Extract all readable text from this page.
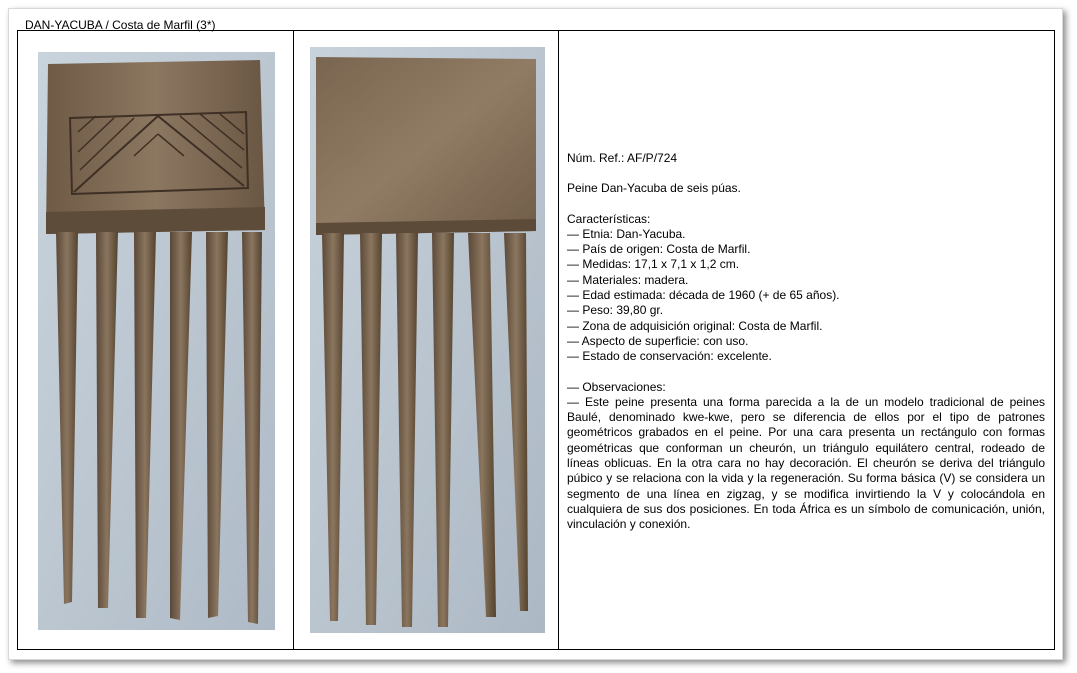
DAN-YACUBA / Costa de Marfil (3*)

Núm. Ref.: AF/P/724

Peine Dan-Yacuba de seis púas.

Características:

— Etnia: Dan-Yacuba.
— País de origen: Costa de Marfil.
— Medidas: 17,1 x 7,1 x 1,2 cm.
— Materiales: madera.
— Edad estimada: década de 1960 (+ de 65 años).
— Peso: 39,80 gr.
— Zona de adquisición original: Costa de Marfil.
— Aspecto de superficie: con uso.
— Estado de conservación: excelente.

— Observaciones:

— Este peine presenta una forma parecida a la de un modelo tradicional de peines Baulé, denominado kwe-kwe, pero se diferencia de ellos por el tipo de patrones geométricos grabados en el peine. Por una cara presenta un rectángulo con formas geométricas que conforman un cheurón, un triángulo equilátero central, rodeado de líneas oblicuas. En la otra cara no hay decoración. El cheurón se deriva del triángulo púbico y se relaciona con la vida y la regeneración. Su forma básica (V) se considera un segmento de una línea en zigzag, y se modifica invirtiendo la V y colocándola en cualquiera de sus dos posiciones. En toda África es un símbolo de comunicación, unión, vinculación y conexión.
